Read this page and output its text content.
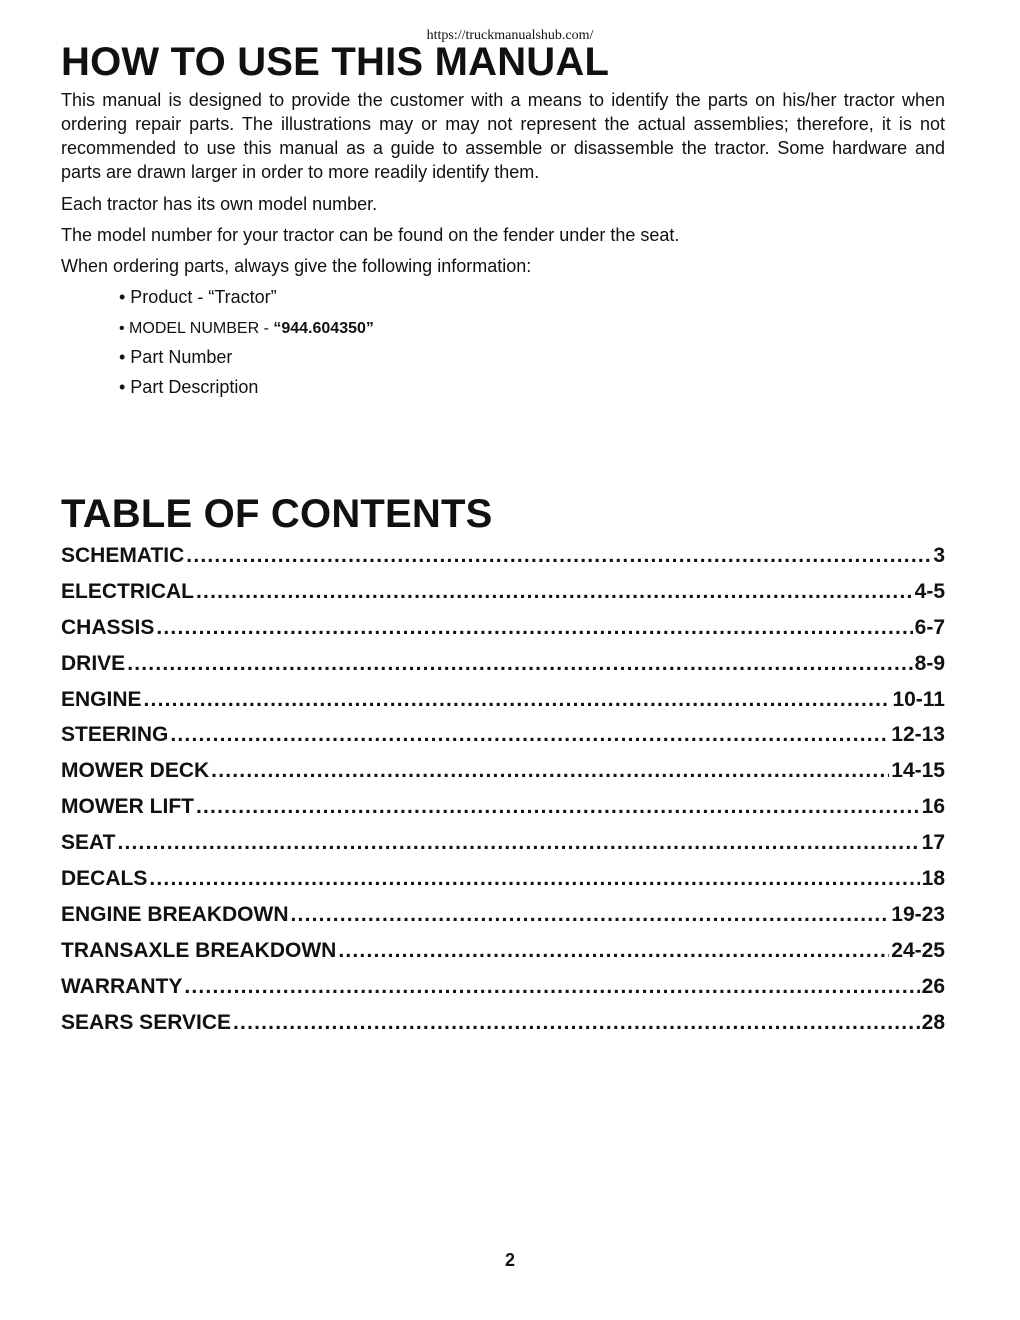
https://truckmanualshub.com/
HOW TO USE THIS MANUAL

This manual is designed to provide the customer with a means to identify the parts on his/her tractor when ordering repair parts. The illustrations may or may not represent the actual assemblies; therefore, it is not recommended to use this manual as a guide to assemble or disassemble the tractor. Some hardware and parts are drawn larger in order to more readily identify them.

Each tractor has its own model number.

The model number for your tractor can be found on the fender under the seat.

When ordering parts, always give the following information:

• Product - “Tractor”
• MODEL NUMBER - “944.604350”
• Part Number
• Part Description
TABLE OF CONTENTS
SCHEMATIC .....	3
ELECTRICAL .....	4-5
CHASSIS .....	6-7
DRIVE .....	8-9
ENGINE .....	10-11
STEERING .....	12-13
MOWER DECK .....	14-15
MOWER LIFT .....	16
SEAT .....	17
DECALS .....	18
ENGINE BREAKDOWN .....	19-23
TRANSAXLE BREAKDOWN .....	24-25
WARRANTY .....	26
SEARS SERVICE .....	28
2
